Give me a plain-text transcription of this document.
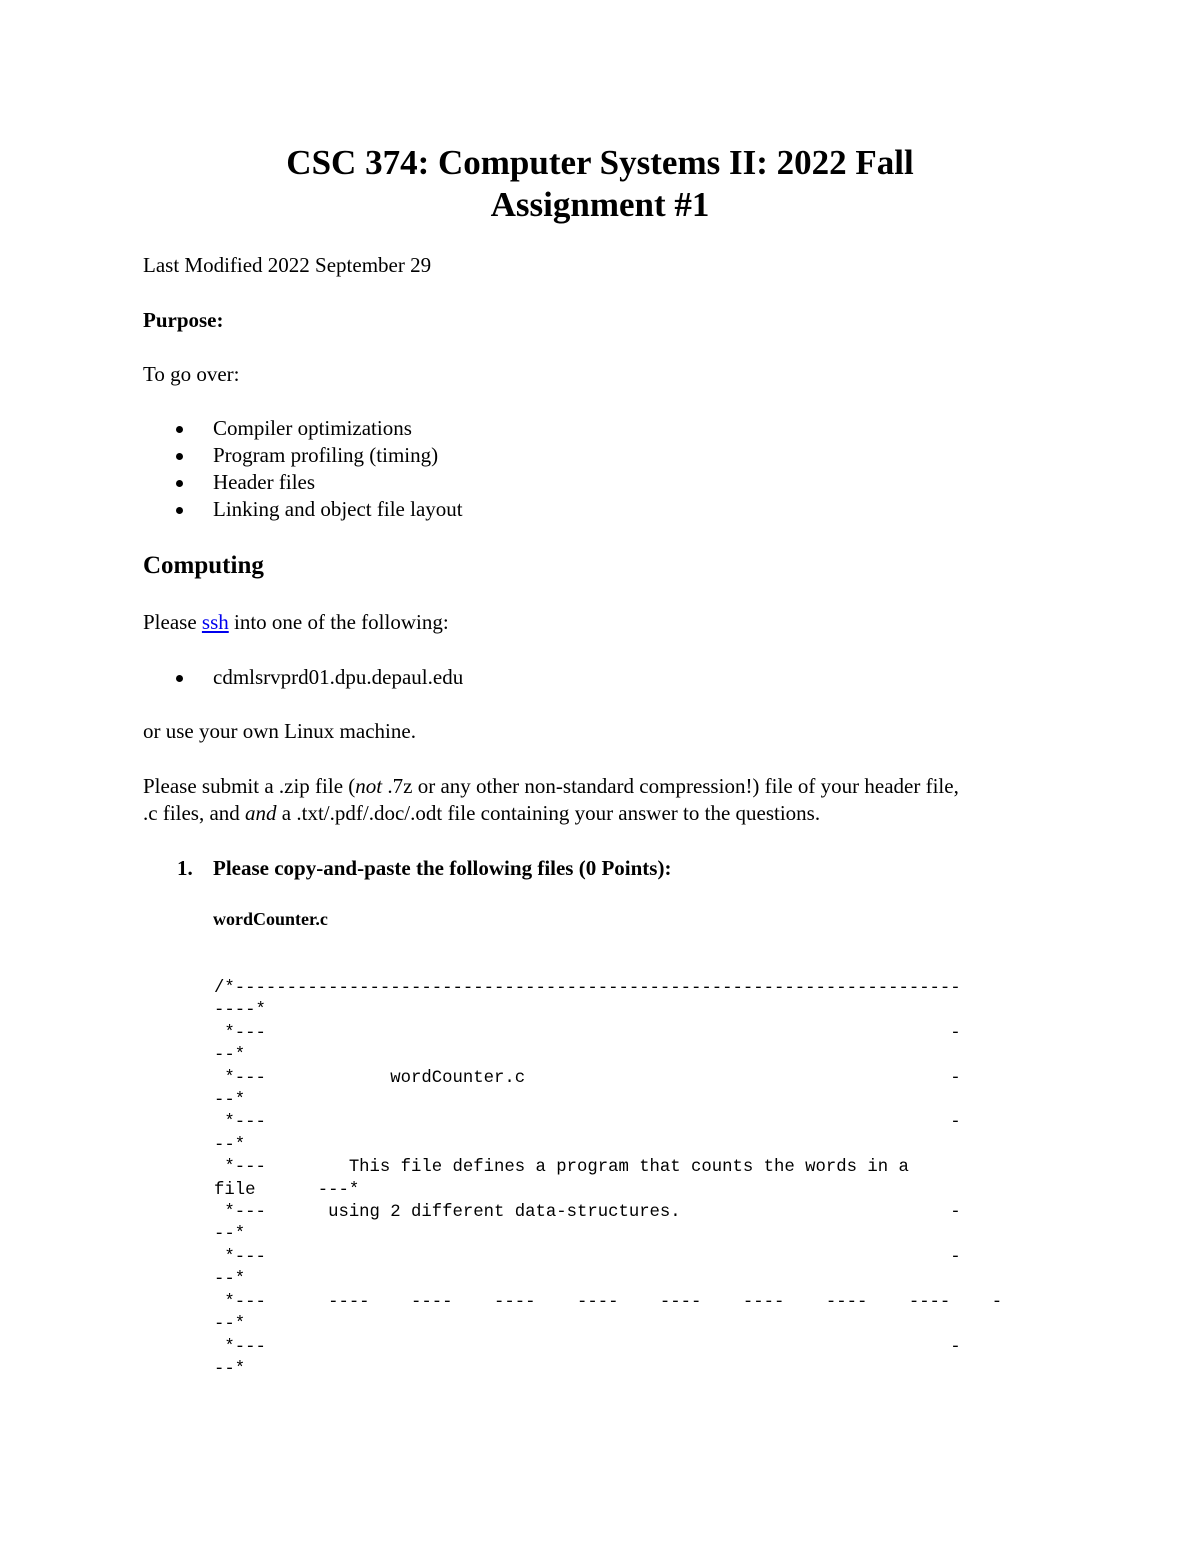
CSC 374: Computer Systems II: 2022 Fall
Assignment #1

Last Modified 2022 September 29

Purpose:

To go over:

Compiler optimizations
Program profiling (timing)
Header files
Linking and object file layout
Computing

Please ssh into one of the following:

cdmlsrvprd01.dpu.depaul.edu

or use your own Linux machine.

Please submit a .zip file (not .7z or any other non-standard compression!) file of your header file,
.c files, and and a .txt/.pdf/.doc/.odt file containing your answer to the questions.

1. Please copy-and-paste the following files (0 Points):

wordCounter.c

/*----------------------------------------------------------------------
----*
*---                                                                  -
--*
*---            wordCounter.c                                         -
--*
*---                                                                  -
--*
*---        This file defines a program that counts the words in a
file      ---*
*---      using 2 different data-structures.                          -
--*
*---                                                                  -
--*
*---      ----    ----    ----    ----    ----    ----    ----    ----    -
--*
*---                                                                  -
--*
